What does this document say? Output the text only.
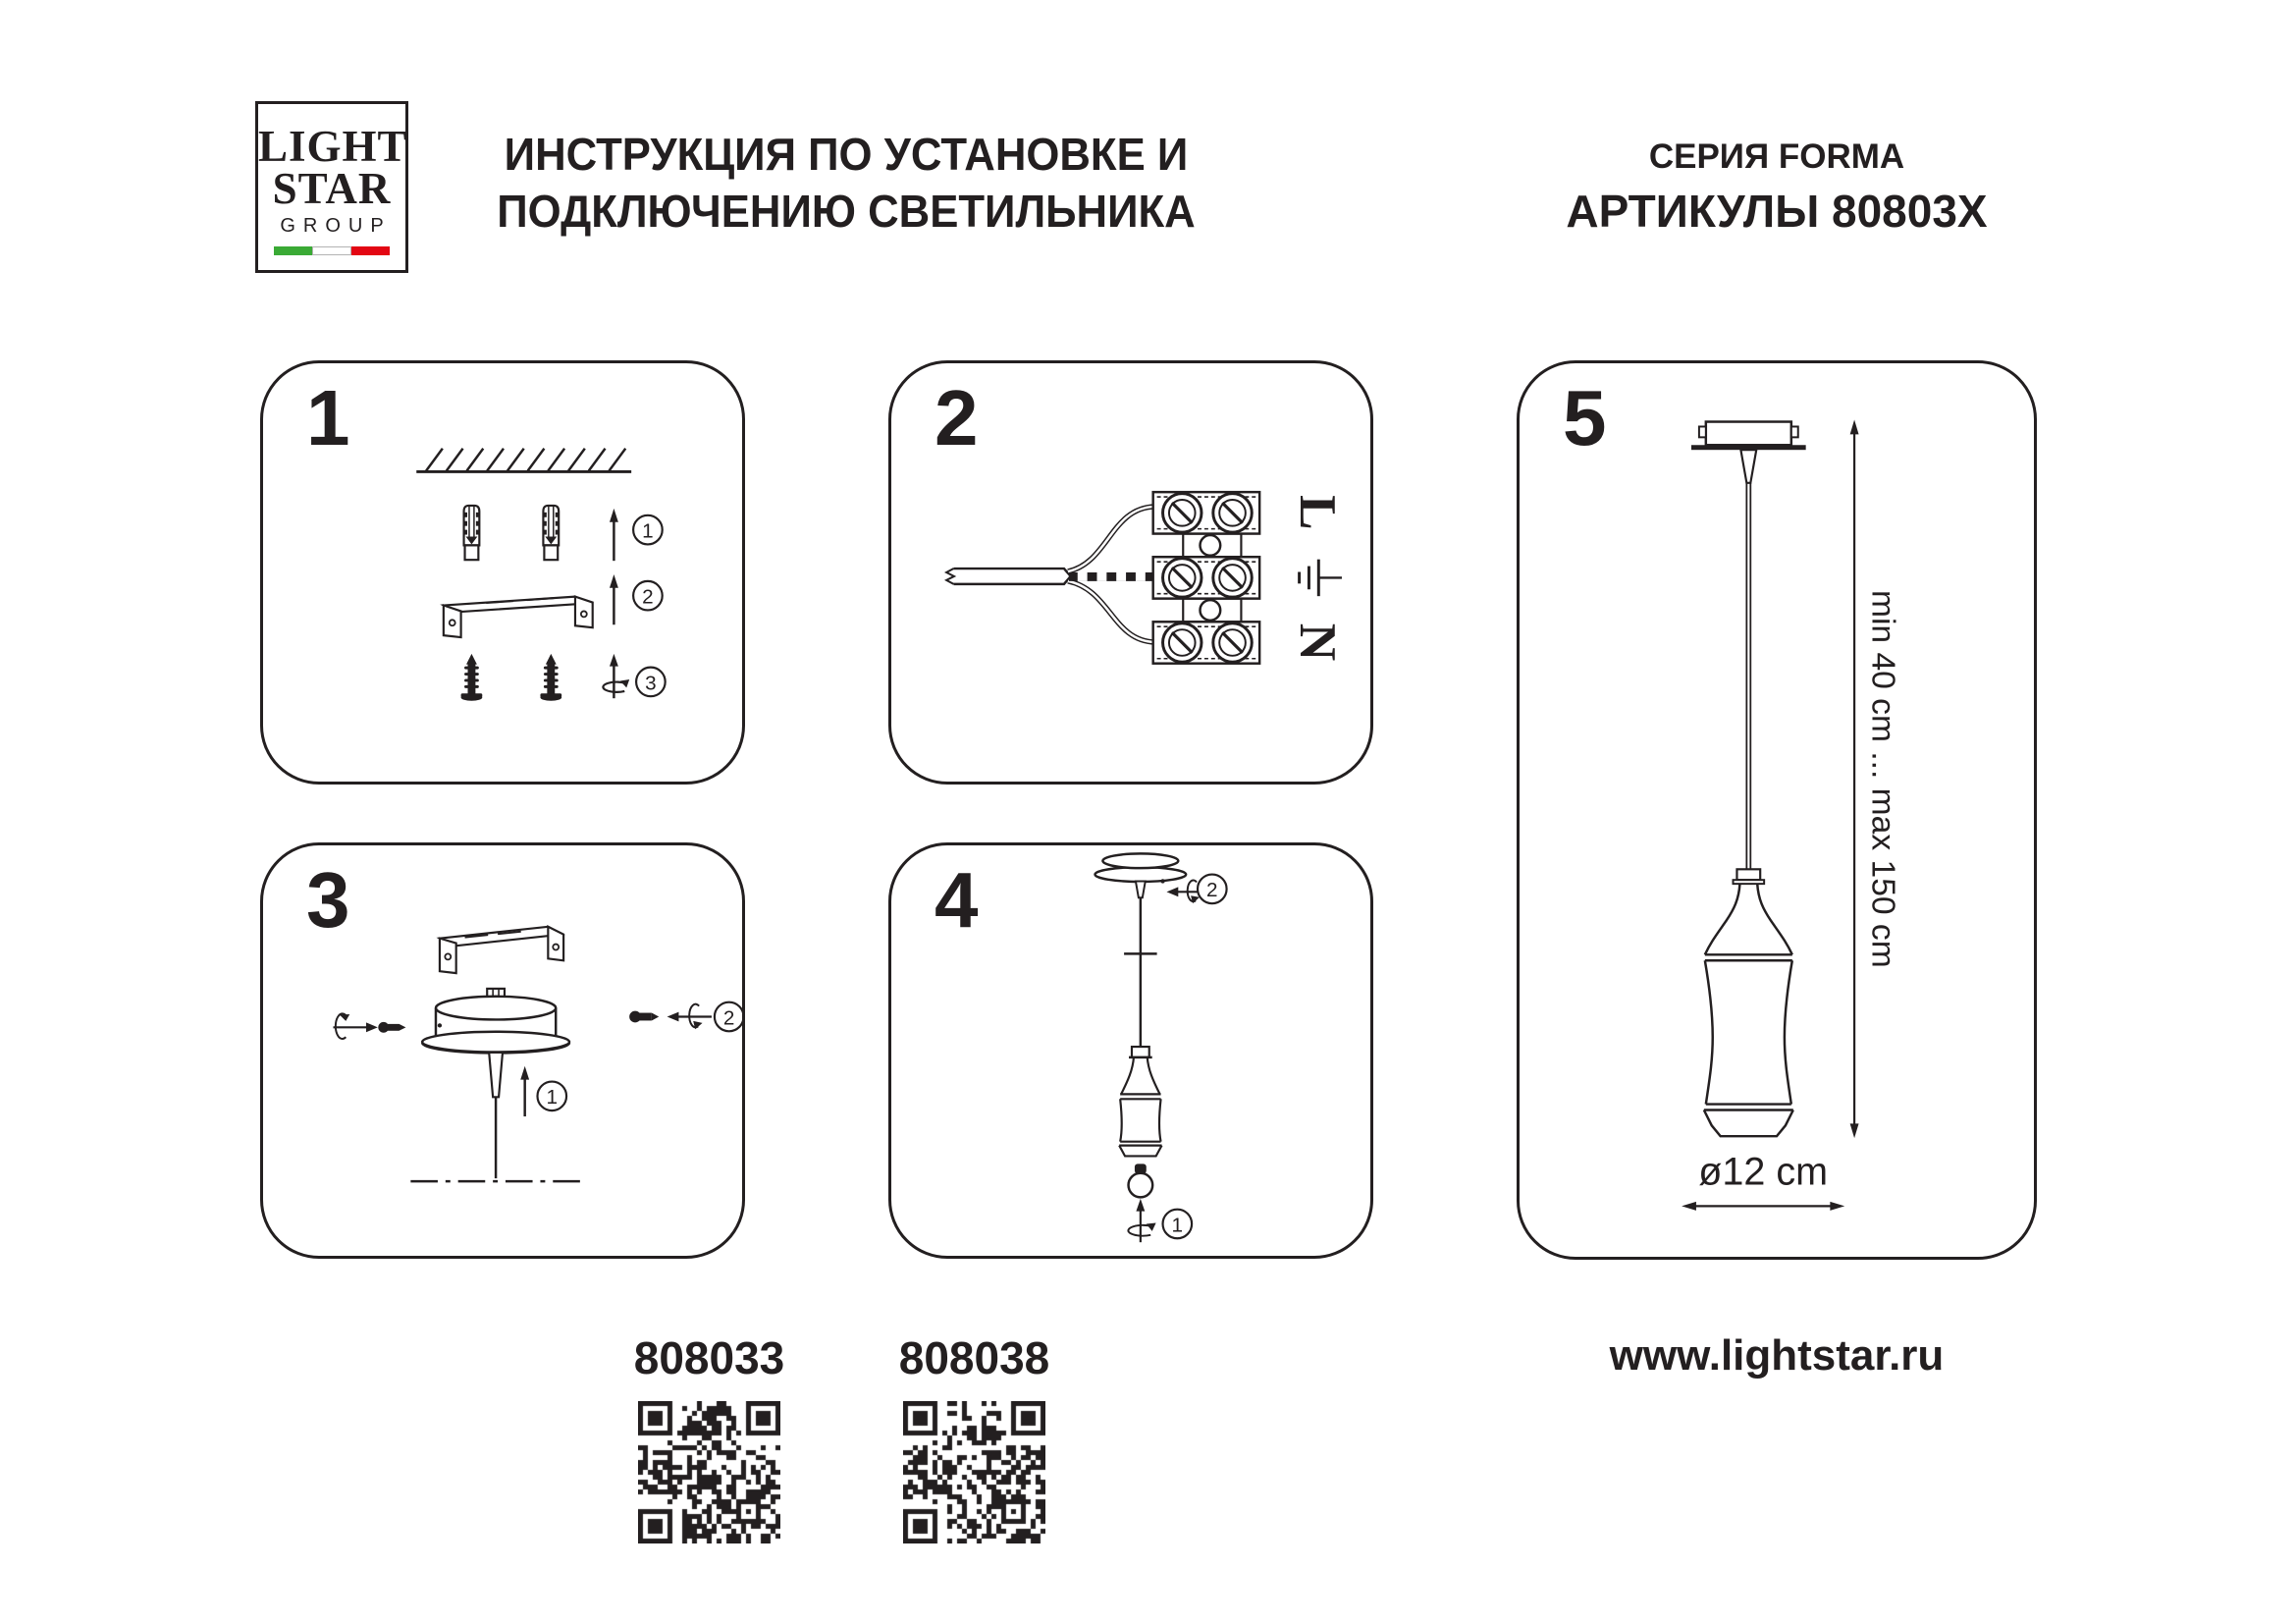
LIGHT
STAR
GROUP
ИНСТРУКЦИЯ ПО УСТАНОВКЕ И
ПОДКЛЮЧЕНИЮ СВЕТИЛЬНИКА
СЕРИЯ FORMA
АРТИКУЛЫ 80803X
1
1
2
3
2
L
N
3
2
1
4	2
1
5
min 40 cm ... max 150 cm
ø12 cm
808033	808038	www.lightstar.ru
